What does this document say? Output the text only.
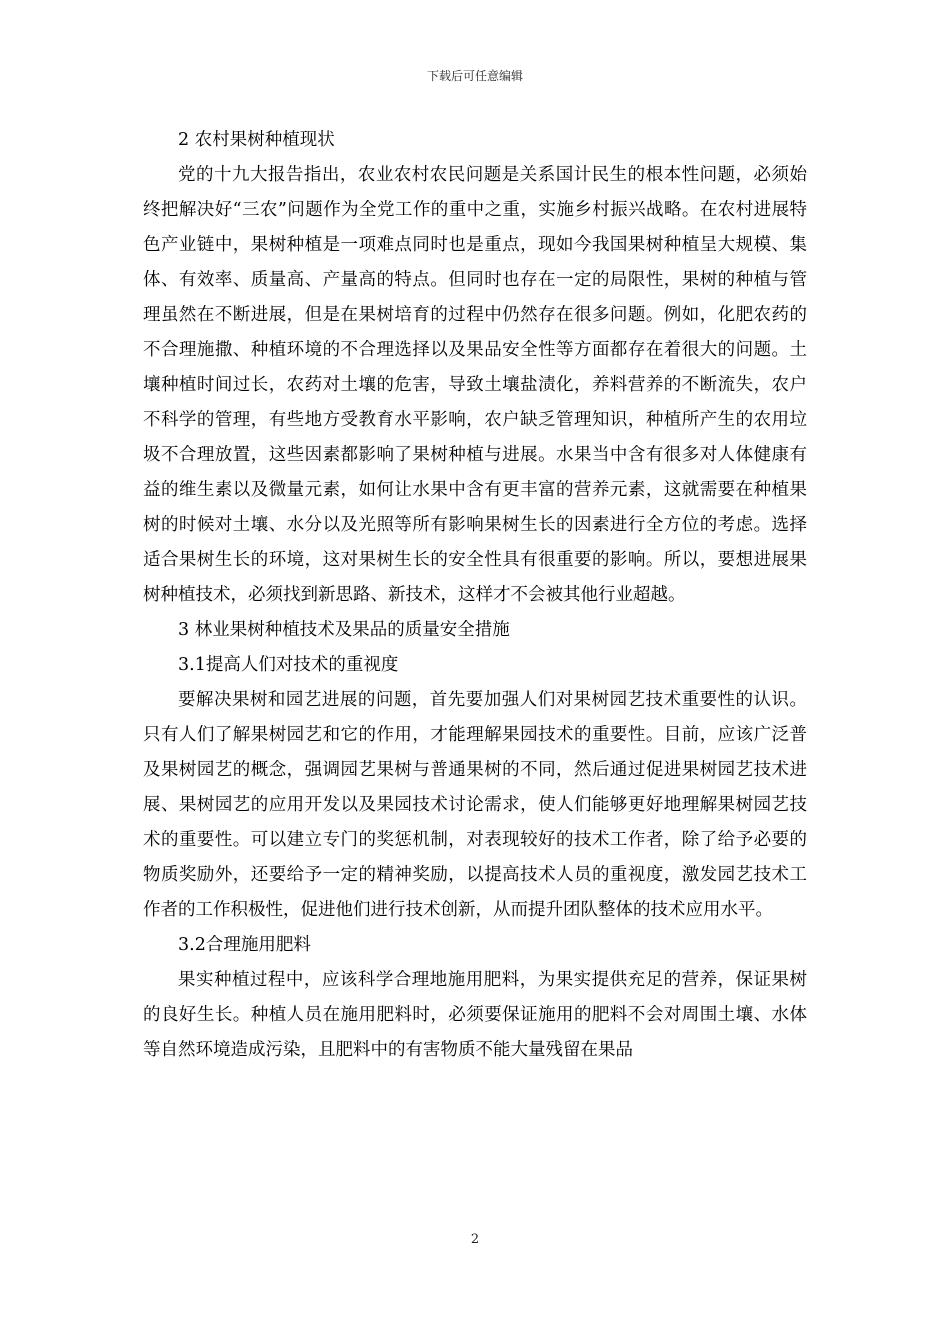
下载后可任意编辑

2 农村果树种植现状

党的十九大报告指出，农业农村农民问题是关系国计民生的根本性问题，必须始终把解决好“三农”问题作为全党工作的重中之重，实施乡村振兴战略。在农村进展特色产业链中，果树种植是一项难点同时也是重点，现如今我国果树种植呈大规模、集体、有效率、质量高、产量高的特点。但同时也存在一定的局限性，果树的种植与管理虽然在不断进展，但是在果树培育的过程中仍然存在很多问题。例如，化肥农药的不合理施撒、种植环境的不合理选择以及果品安全性等方面都存在着很大的问题。土壤种植时间过长，农药对土壤的危害，导致土壤盐渍化，养料营养的不断流失，农户不科学的管理，有些地方受教育水平影响，农户缺乏管理知识，种植所产生的农用垃圾不合理放置，这些因素都影响了果树种植与进展。水果当中含有很多对人体健康有益的维生素以及微量元素，如何让水果中含有更丰富的营养元素，这就需要在种植果树的时候对土壤、水分以及光照等所有影响果树生长的因素进行全方位的考虑。选择适合果树生长的环境，这对果树生长的安全性具有很重要的影响。所以，要想进展果树种植技术，必须找到新思路、新技术，这样才不会被其他行业超越。

3 林业果树种植技术及果品的质量安全措施

3.1提高人们对技术的重视度

要解决果树和园艺进展的问题，首先要加强人们对果树园艺技术重要性的认识。只有人们了解果树园艺和它的作用，才能理解果园技术的重要性。目前，应该广泛普及果树园艺的概念，强调园艺果树与普通果树的不同，然后通过促进果树园艺技术进展、果树园艺的应用开发以及果园技术讨论需求，使人们能够更好地理解果树园艺技术的重要性。可以建立专门的奖惩机制，对表现较好的技术工作者，除了给予必要的物质奖励外，还要给予一定的精神奖励，以提高技术人员的重视度，激发园艺技术工作者的工作积极性，促进他们进行技术创新，从而提升团队整体的技术应用水平。

3.2合理施用肥料

果实种植过程中，应该科学合理地施用肥料，为果实提供充足的营养，保证果树的良好生长。种植人员在施用肥料时，必须要保证施用的肥料不会对周围土壤、水体等自然环境造成污染，且肥料中的有害物质不能大量残留在果品

2
